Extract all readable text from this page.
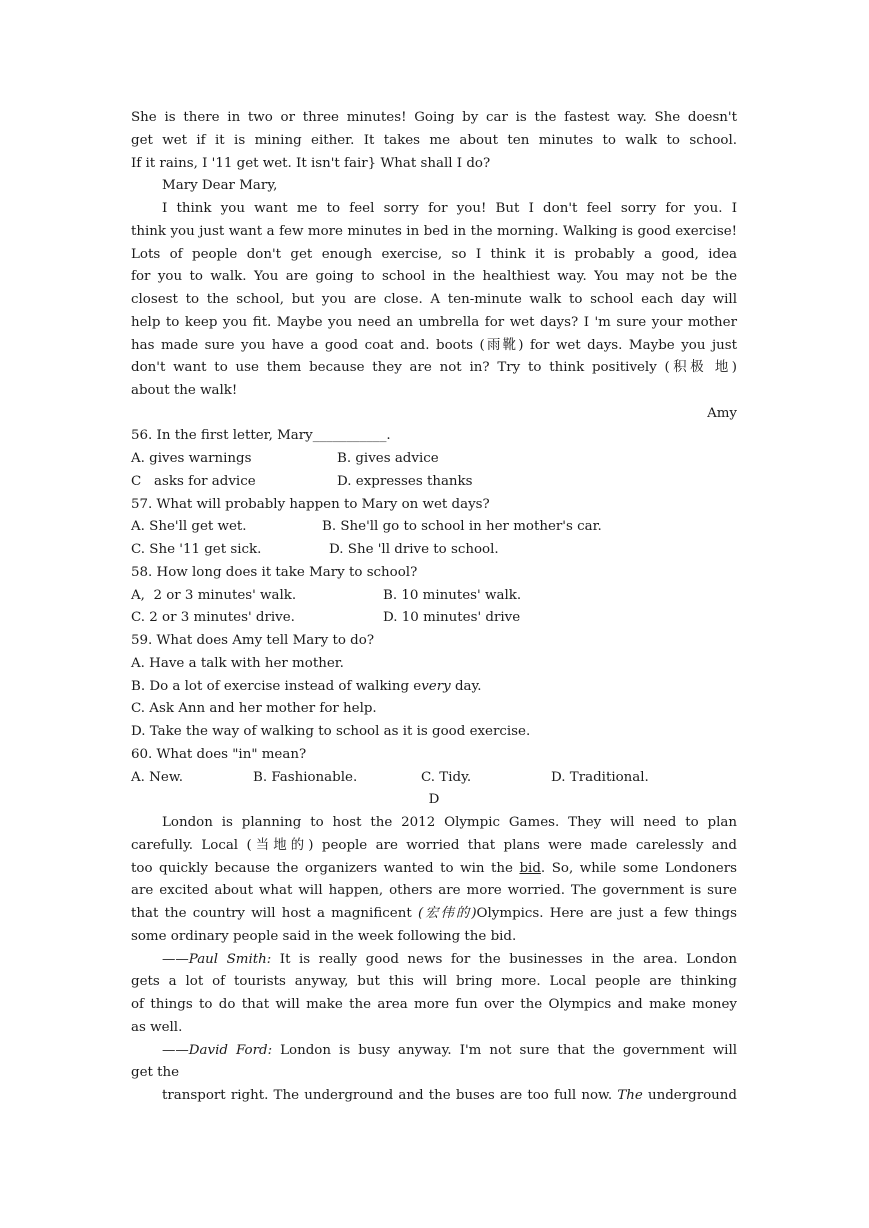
She is there in two or three minutes! Going by car is the fastest way. She doesn't
get wet if it is mining either. It takes me about ten minutes to walk to school.
If it rains, I '11 get wet. It isn't fair} What shall I do?
Mary Dear Mary,
I think you want me to feel sorry for you! But I don't feel sorry for you. I
think you just want a few more minutes in bed in the morning. Walking is good exercise!
Lots of people don't get enough exercise, so I think it is probably a good, idea
for you to walk. You are going to school in the healthiest way. You may not be the
closest to the school, but you are close. A ten-minute walk to school each day will
help to keep you fit. Maybe you need an umbrella for wet days? I 'm sure your mother
has made sure you have a good coat and. boots (雨靴) for wet days. Maybe you just
don't want to use them because they are not in? Try to think positively (积极 地)
about the walk!
Amy
56. In the first letter, Mary___________.
A. gives warnings	B. gives advice
C   asks for advice	D. expresses thanks
57. What will probably happen to Mary on wet days?
A. She'll get wet.	B. She'll go to school in her mother's car.
C. She '11 get sick.	D. She 'll drive to school.
58. How long does it take Mary to school?
A,  2 or 3 minutes' walk.	B. 10 minutes' walk.
C. 2 or 3 minutes' drive.	D. 10 minutes' drive
59. What does Amy tell Mary to do?
A. Have a talk with her mother.
B. Do a lot of exercise instead of walking every day.
C. Ask Ann and her mother for help.
D. Take the way of walking to school as it is good exercise.
60. What does "in" mean?
A. New.	B. Fashionable.	C. Tidy.	D. Traditional.
D
London is planning to host the 2012 Olympic Games. They will need to plan
carefully. Local (当地的) people are worried that plans were made carelessly and
too quickly because the organizers wanted to win the bid. So, while some Londoners
are excited about what will happen, others are more worried. The government is sure
that the country will host a magnificent (宏伟的)Olympics. Here are just a few things
some ordinary people said in the week following the bid.
——Paul Smith: It is really good news for the businesses in the area. London
gets a lot of tourists anyway, but this will bring more. Local people are thinking
of things to do that will make the area more fun over the Olympics and make money
as well.
——David Ford: London is busy anyway. I'm not sure that the government will
get the
transport right. The underground and the buses are too full now. The underground
